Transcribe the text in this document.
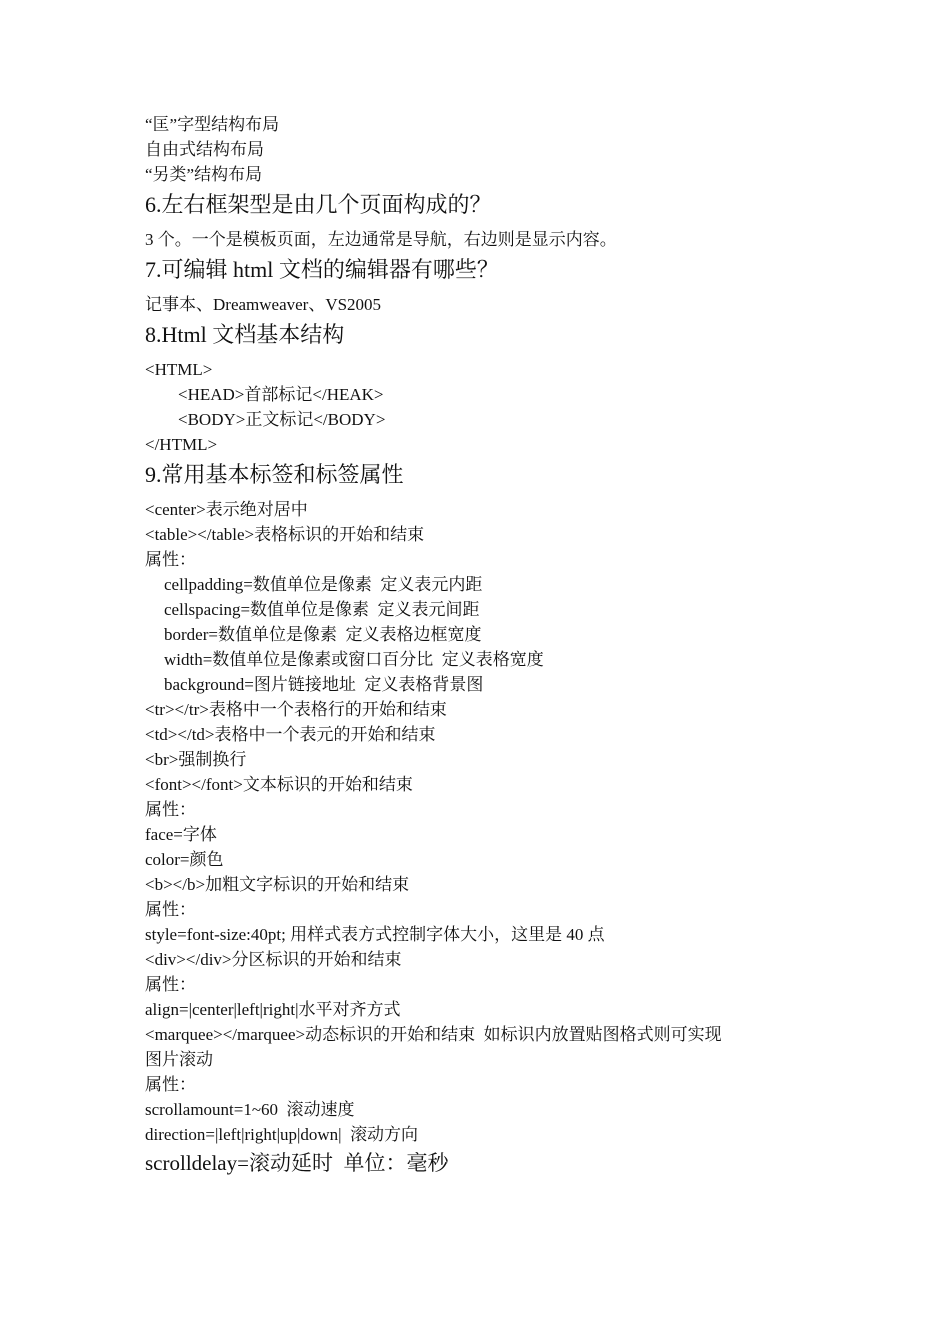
“匡”字型结构布局
自由式结构布局
“另类”结构布局
6.左右框架型是由几个页面构成的？
3 个。一个是模板页面，左边通常是导航，右边则是显示内容。
7.可编辑 html 文档的编辑器有哪些？
记事本、Dreamweaver、VS2005
8.Html 文档基本结构
<HTML>
<HEAD>首部标记</HEAK>
<BODY>正文标记</BODY>
</HTML>
9.常用基本标签和标签属性
<center>表示绝对居中
<table></table>表格标识的开始和结束
属性：
cellpadding=数值单位是像素  定义表元内距
cellspacing=数值单位是像素  定义表元间距
border=数值单位是像素  定义表格边框宽度
width=数值单位是像素或窗口百分比  定义表格宽度
background=图片链接地址  定义表格背景图
<tr></tr>表格中一个表格行的开始和结束
<td></td>表格中一个表元的开始和结束
<br>强制换行
<font></font>文本标识的开始和结束
属性：
face=字体
color=颜色
<b></b>加粗文字标识的开始和结束
属性：
style=font-size:40pt; 用样式表方式控制字体大小，这里是 40 点
<div></div>分区标识的开始和结束
属性：
align=|center|left|right|水平对齐方式
<marquee></marquee>动态标识的开始和结束  如标识内放置贴图格式则可实现
图片滚动
属性：
scrollamount=1~60  滚动速度
direction=|left|right|up|down|  滚动方向
scrolldelay=滚动延时  单位：毫秒
